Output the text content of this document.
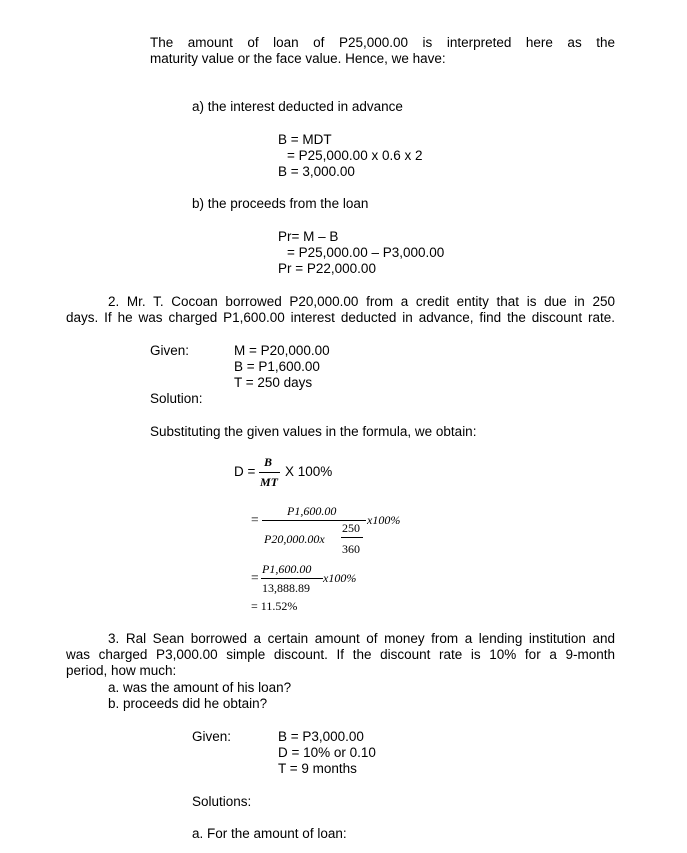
The amount of loan of P25,000.00 is interpreted here as the
maturity value or the face value. Hence, we have:
a) the interest deducted in advance
B = MDT
= P25,000.00 x 0.6 x 2
B = 3,000.00
b) the proceeds from the loan
Pr= M – B
= P25,000.00 – P3,000.00
Pr = P22,000.00
2. Mr. T. Cocoan borrowed P20,000.00 from a credit entity that is due in 250
days. If he was charged P1,600.00 interest deducted in advance, find the discount rate.
Given:	M = P20,000.00
B = P1,600.00
T = 250 days
Solution:
Substituting the given values in the formula, we obtain:
D =
B
MT
X 100%
=
P1,600.00
P20,000.00x
250
360
x100%
=
P1,600.00
13,888.89
x100%
= 11.52%
3. Ral Sean borrowed a certain amount of money from a lending institution and
was charged P3,000.00 simple discount. If the discount rate is 10% for a 9-month
period, how much:
a. was the amount of his loan?
b. proceeds did he obtain?
Given:	B = P3,000.00
D = 10% or 0.10
T = 9 months
Solutions:
a. For the amount of loan:
